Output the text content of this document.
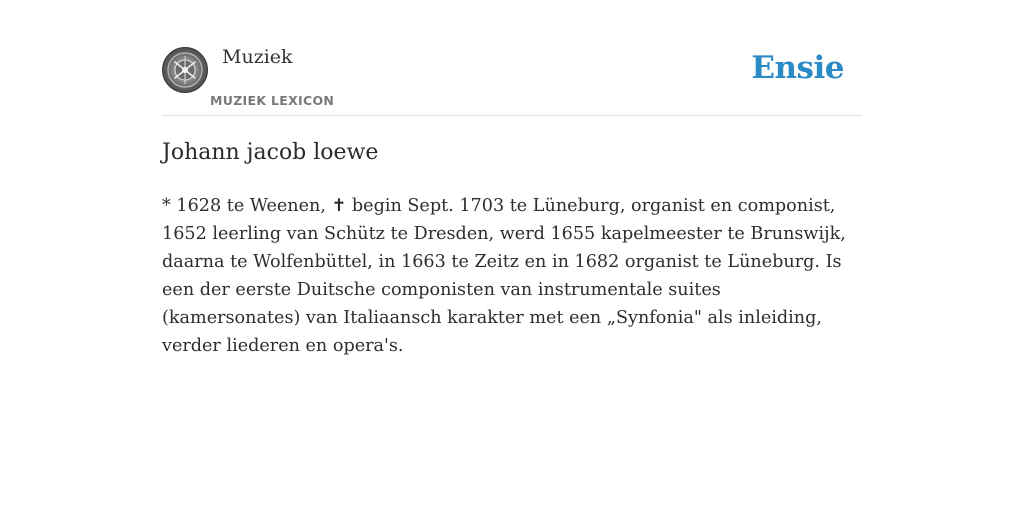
Muziek
MUZIEK LEXICON
Ensie
Johann jacob loewe

* 1628 te Weenen, ✝ begin Sept. 1703 te Lüneburg, organist en componist, 1652 leerling van Schütz te Dresden, werd 1655 kapelmeester te Brunswijk, daarna te Wolfenbüttel, in 1663 te Zeitz en in 1682 organist te Lüneburg. Is een der eerste Duitsche componisten van instrumentale suites (kamersonates) van Italiaansch karakter met een „Synfonia" als inleiding, verder liederen en opera's.
